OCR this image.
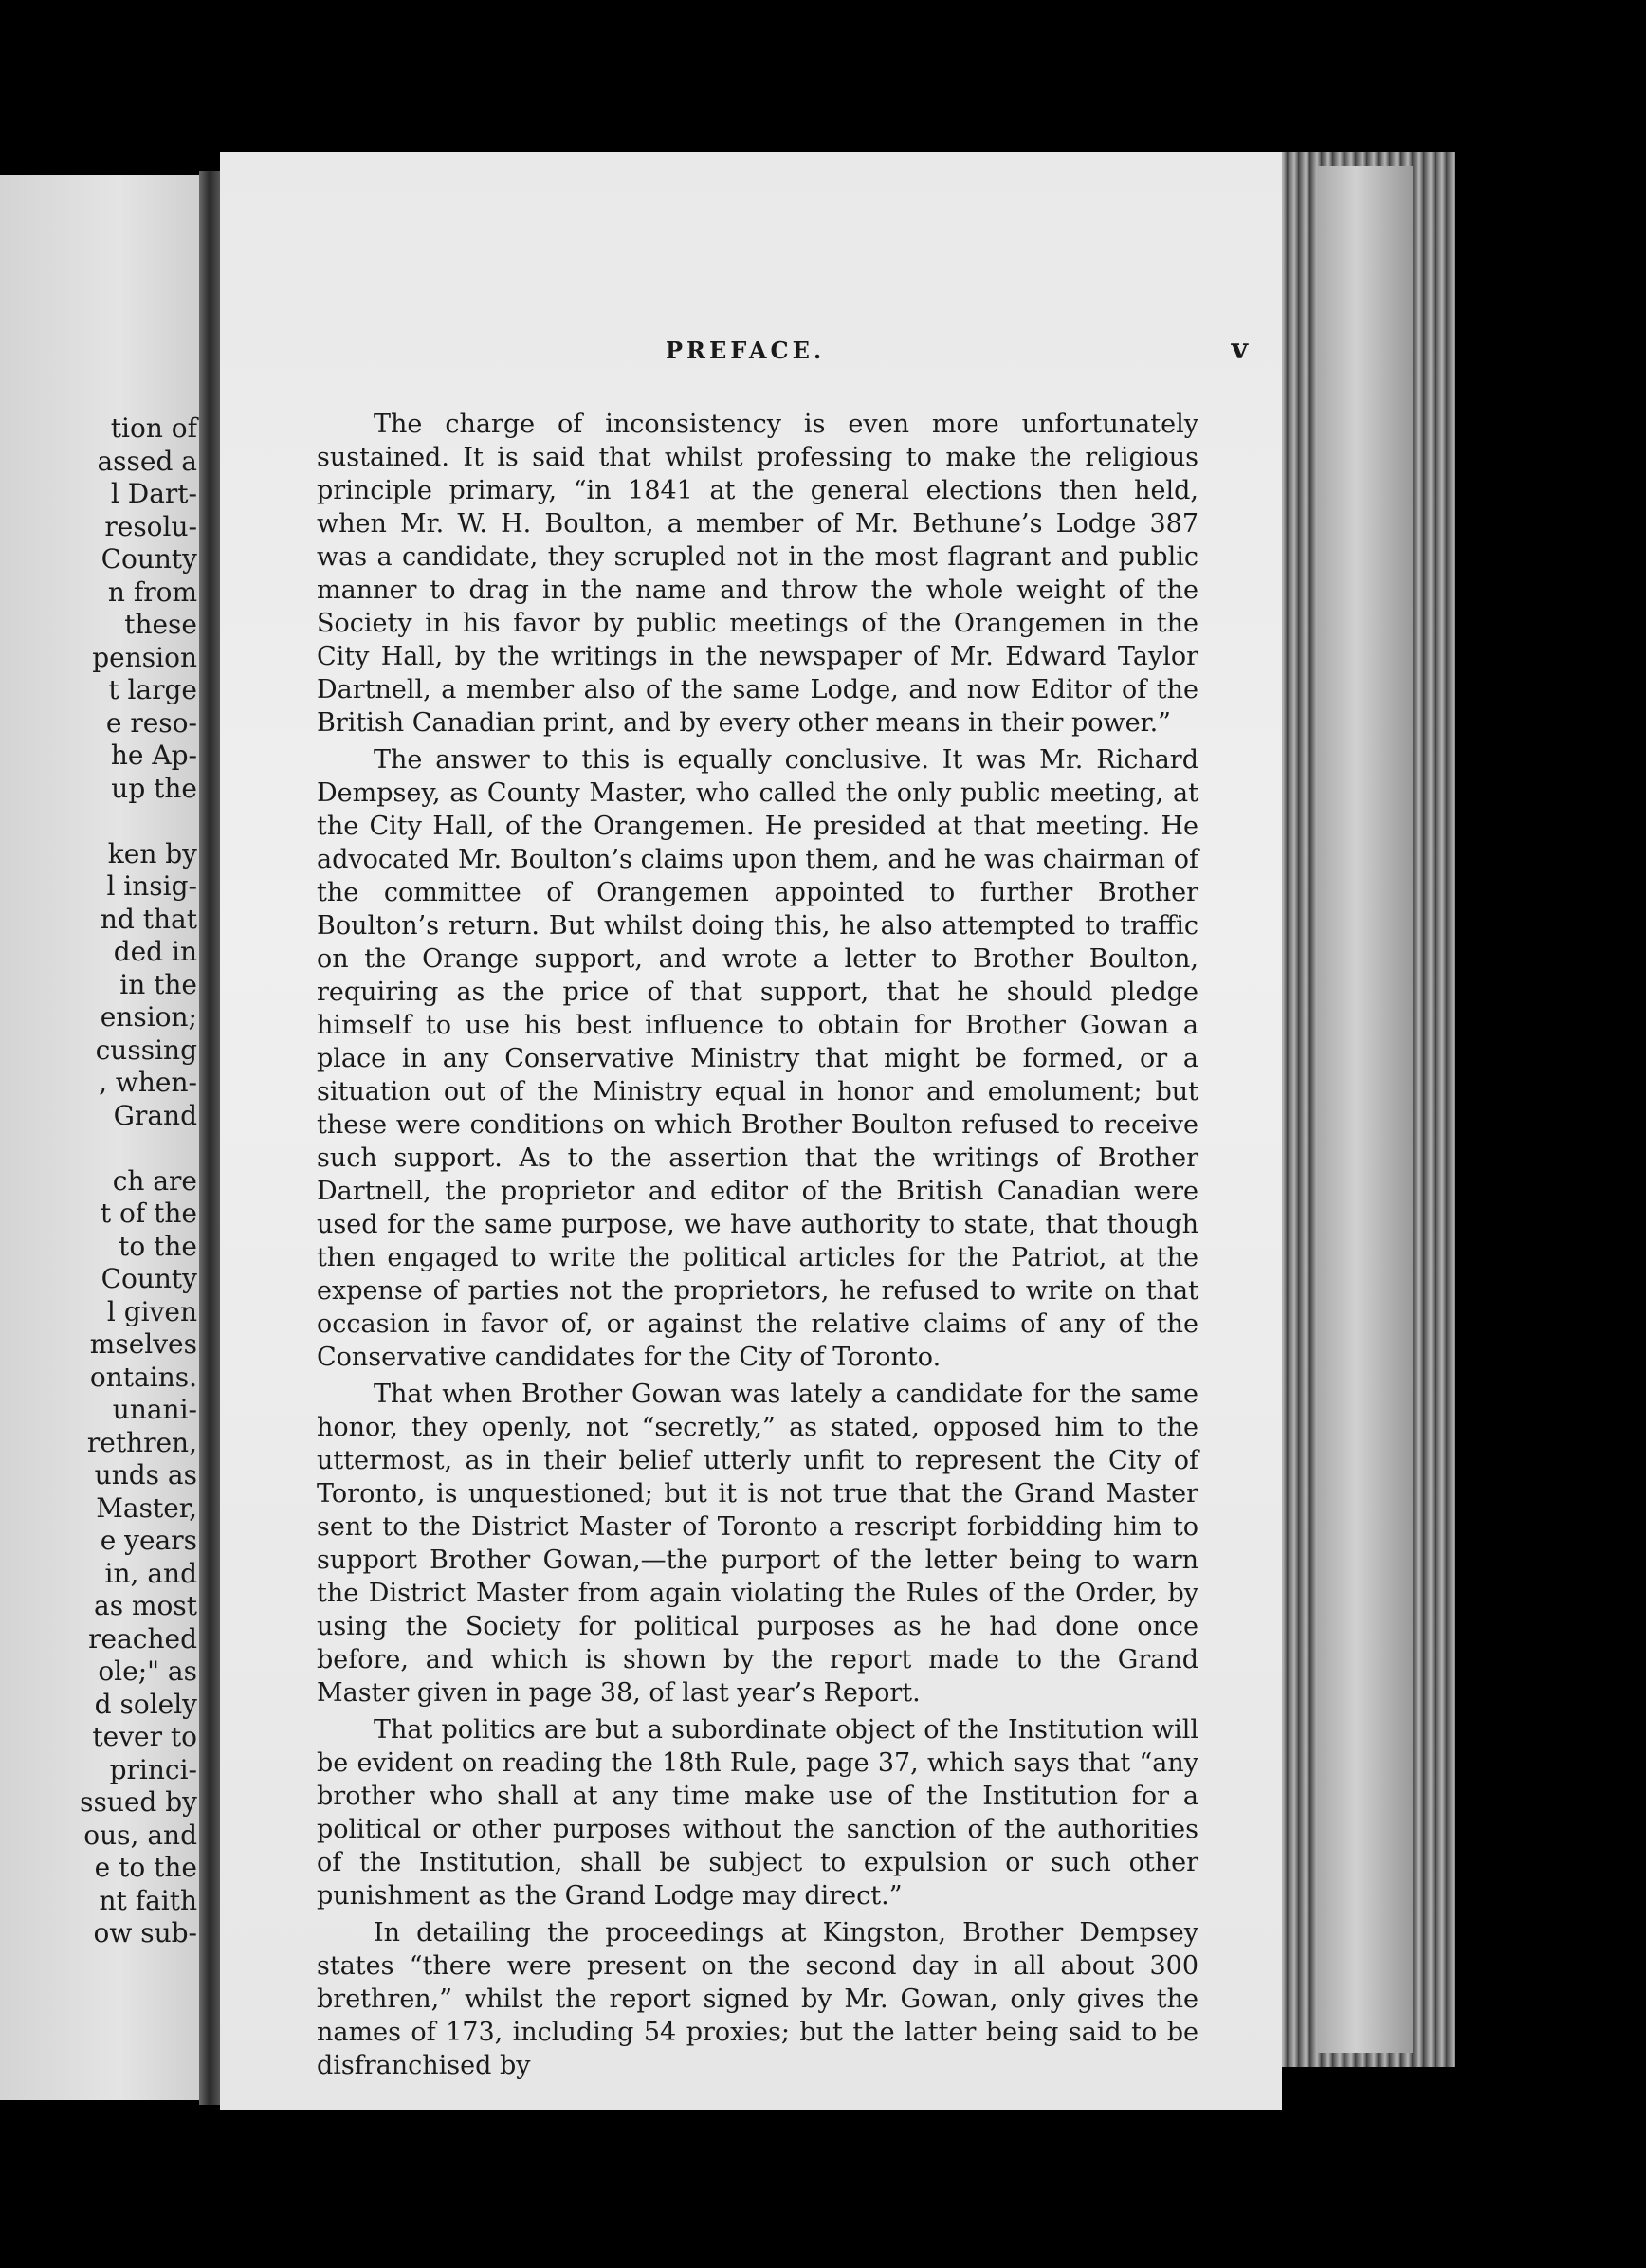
tion of
assed a
l Dart-
resolu-
County
n from
these
pension
t large
e reso-
he Ap-
up the
ken by
l insig-
nd that
ded in
in the
ension;
cussing
, when-
Grand
ch are
t of the
to the
County
l given
mselves
ontains.
unani-
rethren,
unds as
Master,
e years
in, and
as most
reached
ole;" as
d solely
tever to
princi-
ssued by
ous, and
e to the
nt faith
ow sub-
PREFACE.	v

The charge of inconsistency is even more unfortunately sustained. It is said that whilst professing to make the religious principle primary, “in 1841 at the general elections then held, when Mr. W. H. Boulton, a member of Mr. Bethune’s Lodge 387 was a candidate, they scrupled not in the most flagrant and public manner to drag in the name and throw the whole weight of the Society in his favor by public meetings of the Orangemen in the City Hall, by the writings in the newspaper of Mr. Edward Taylor Dartnell, a member also of the same Lodge, and now Editor of the British Canadian print, and by every other means in their power.”

The answer to this is equally conclusive. It was Mr. Richard Dempsey, as County Master, who called the only public meeting, at the City Hall, of the Orangemen. He presided at that meeting. He advocated Mr. Boulton’s claims upon them, and he was chairman of the committee of Orangemen appointed to further Brother Boulton’s return. But whilst doing this, he also attempted to traffic on the Orange support, and wrote a letter to Brother Boulton, requiring as the price of that support, that he should pledge himself to use his best influence to obtain for Brother Gowan a place in any Conservative Ministry that might be formed, or a situation out of the Ministry equal in honor and emolument; but these were conditions on which Brother Boulton refused to receive such support. As to the assertion that the writings of Brother Dartnell, the proprietor and editor of the British Canadian were used for the same purpose, we have authority to state, that though then engaged to write the political articles for the Patriot, at the expense of parties not the proprietors, he refused to write on that occasion in favor of, or against the relative claims of any of the Conservative candidates for the City of Toronto.

That when Brother Gowan was lately a candidate for the same honor, they openly, not “secretly,” as stated, opposed him to the uttermost, as in their belief utterly unfit to represent the City of Toronto, is unquestioned; but it is not true that the Grand Master sent to the District Master of Toronto a rescript forbidding him to support Brother Gowan,—the purport of the letter being to warn the District Master from again violating the Rules of the Order, by using the Society for political purposes as he had done once before, and which is shown by the report made to the Grand Master given in page 38, of last year’s Report.

That politics are but a subordinate object of the Institution will be evident on reading the 18th Rule, page 37, which says that “any brother who shall at any time make use of the Institution for a political or other purposes without the sanction of the authorities of the Institution, shall be subject to expulsion or such other punishment as the Grand Lodge may direct.”

In detailing the proceedings at Kingston, Brother Dempsey states “there were present on the second day in all about 300 brethren,” whilst the report signed by Mr. Gowan, only gives the names of 173, including 54 proxies; but the latter being said to be disfranchised by
